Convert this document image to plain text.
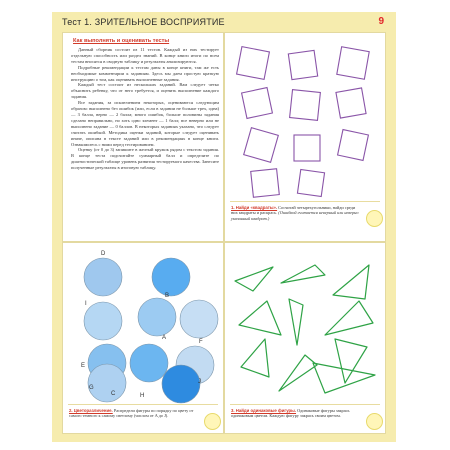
Тест 1. ЗРИТЕЛЬНОЕ ВОСПРИЯТИЕ	9
Как выполнять и оценивать тесты

Данный сборник состоит из 11 тестов. Каждый из них тестирует отдельную способность или раздел знаний. В конце книги итоги по всем тестам вносятся в сводную таблицу и результаты анализируются.

Подробные рекомендации к тестам даны в конце книги, там же есть необходимые комментарии к заданиям. Здесь мы даем простую краткую инструкцию о том, как оценивать выполненные задания.

Каждый тест состоит из нескольких заданий. Вам следует четко объяснить ребенку, что от него требуется, и оценить выполнение каждого задания.

Все задания, за исключением некоторых, оцениваются следующим образом: выполнено без ошибок (или, если в задании не больше трех, одна) — 3 балла, верно — 2 балла; много ошибок, больше половины задания сделано неправильно, но хоть одно элемент — 1 балл; все неверно или не выполнено задание — 0 баллов. В некоторых заданиях указано, что следует считать ошибкой. Методика оценки заданий, которые следует оценивать иначе, описана в тексте заданий или в рекомендациях в конце книги. Ознакомьтесь с ними перед тестированием.

Оценку (от 0 до 3) запишите в желтый кружок рядом с текстом задания. В конце теста подсчитайте суммарный балл и определите по диагностической таблице уровень развития тестируемого качества. Занесите полученные результаты в итоговую таблицу.

1. Найди «квадраты». Сосчитай четырехугольники, найди среди них квадраты и раскрась. (Ошибкой считается неверный или неверно указанный квадрат.)
D
I
E
B
A
C
F
G
H
J
2. Цветоразличение. Распредели фигуры по порядку по цвету от самого темного к самому светлому (числом от A до J).
3. Найди одинаковые фигуры. Одинаковые фигуры закрась одинаковым цветом. Каждую фигуру закрась своим цветом.
